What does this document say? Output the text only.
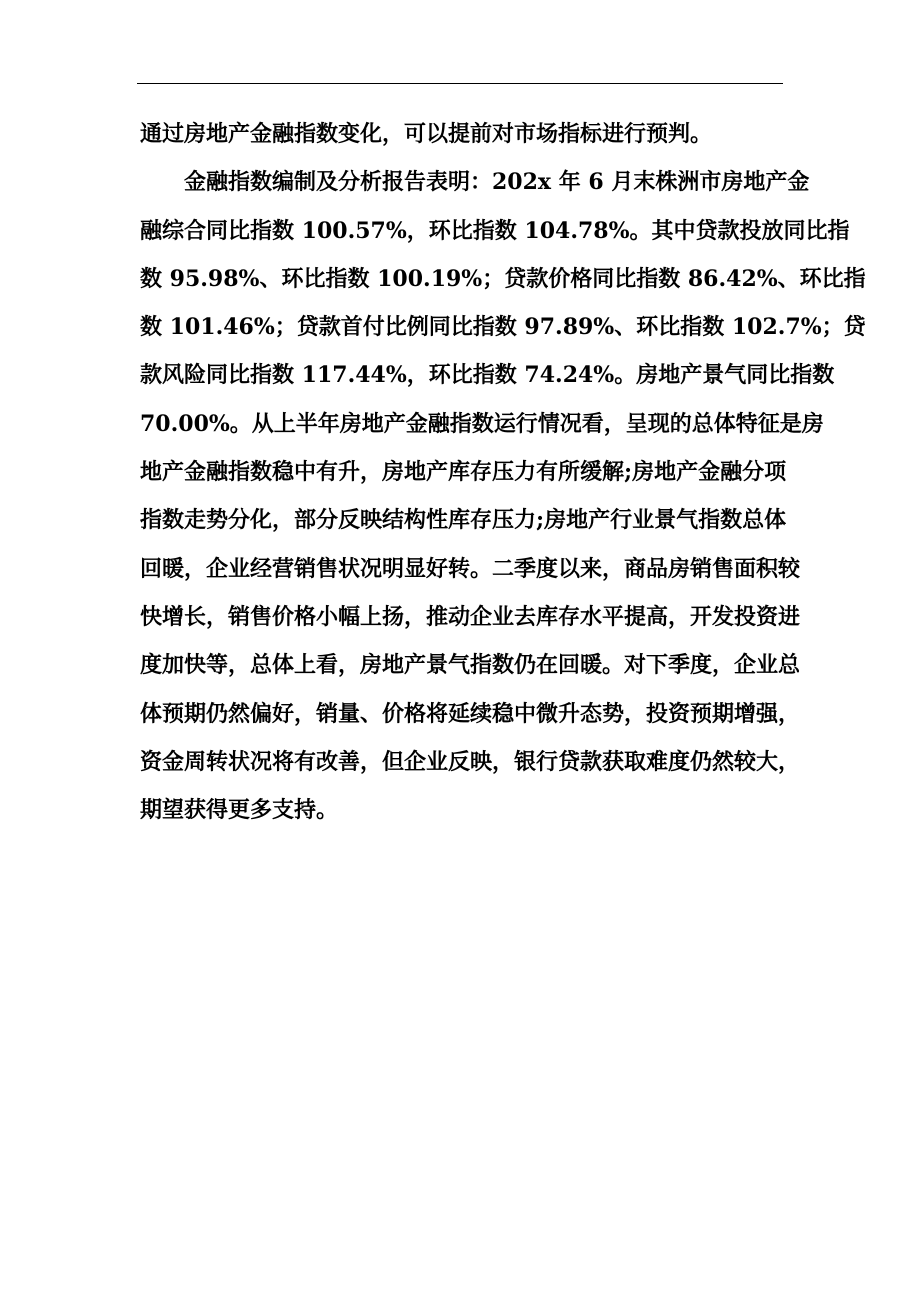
通过房地产金融指数变化，可以提前对市场指标进行预判。
金融指数编制及分析报告表明：202x 年 6 月末株洲市房地产金
融综合同比指数 100.57%，环比指数 104.78%。其中贷款投放同比指
数 95.98%、环比指数 100.19%；贷款价格同比指数 86.42%、环比指
数 101.46%；贷款首付比例同比指数 97.89%、环比指数 102.7%；贷
款风险同比指数 117.44%，环比指数 74.24%。房地产景气同比指数
70.00%。从上半年房地产金融指数运行情况看，呈现的总体特征是房
地产金融指数稳中有升，房地产库存压力有所缓解;房地产金融分项
指数走势分化，部分反映结构性库存压力;房地产行业景气指数总体
回暖，企业经营销售状况明显好转。二季度以来，商品房销售面积较
快增长，销售价格小幅上扬，推动企业去库存水平提高，开发投资进
度加快等，总体上看，房地产景气指数仍在回暖。对下季度，企业总
体预期仍然偏好，销量、价格将延续稳中微升态势，投资预期增强，
资金周转状况将有改善，但企业反映，银行贷款获取难度仍然较大，
期望获得更多支持。
